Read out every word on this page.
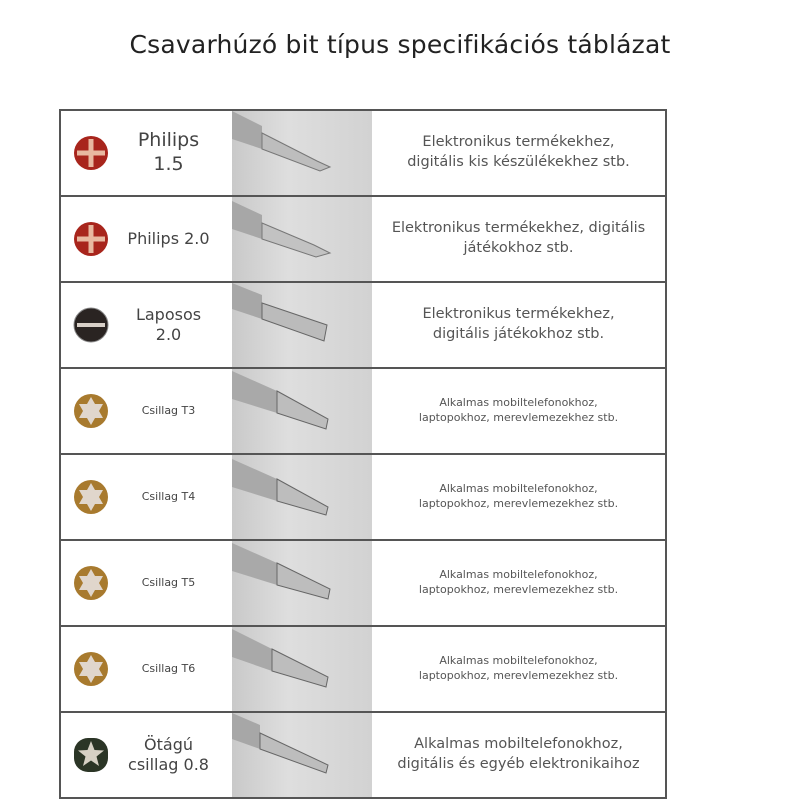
Csavarhúzó bit típus specifikációs táblázat
Philips
1.5
Elektronikus termékekhez,
digitális kis készülékekhez stb.
Philips 2.0
Elektronikus termékekhez, digitális
játékokhoz stb.
Laposos
2.0
Elektronikus termékekhez,
digitális játékokhoz stb.
Csillag T3
Alkalmas mobiltelefonokhoz,
laptopokhoz, merevlemezekhez stb.
Csillag T4
Alkalmas mobiltelefonokhoz,
laptopokhoz, merevlemezekhez stb.
Csillag T5
Alkalmas mobiltelefonokhoz,
laptopokhoz, merevlemezekhez stb.
Csillag T6
Alkalmas mobiltelefonokhoz,
laptopokhoz, merevlemezekhez stb.
Ötágú
csillag 0.8
Alkalmas mobiltelefonokhoz,
digitális és egyéb elektronikaihoz
